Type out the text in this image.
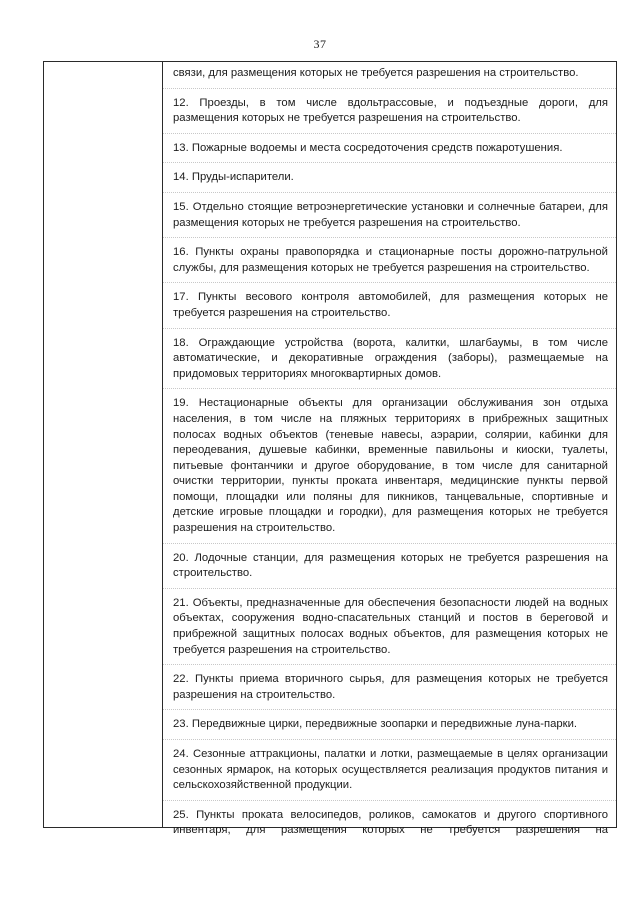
37
связи, для размещения которых не требуется разрешения на строительство.
12. Проезды, в том числе вдольтрассовые, и подъездные дороги, для размещения которых не требуется разрешения на строительство.
13. Пожарные водоемы и места сосредоточения средств пожаротушения.
14. Пруды-испарители.
15. Отдельно стоящие ветроэнергетические установки и солнечные батареи, для размещения которых не требуется разрешения на строительство.
16. Пункты охраны правопорядка и стационарные посты дорожно-патрульной службы, для размещения которых не требуется разрешения на строительство.
17. Пункты весового контроля автомобилей, для размещения которых не требуется разрешения на строительство.
18. Ограждающие устройства (ворота, калитки, шлагбаумы, в том числе автоматические, и декоративные ограждения (заборы), размещаемые на придомовых территориях многоквартирных домов.
19. Нестационарные объекты для организации обслуживания зон отдыха населения, в том числе на пляжных территориях в прибрежных защитных полосах водных объектов (теневые навесы, аэрарии, солярии, кабинки для переодевания, душевые кабинки, временные павильоны и киоски, туалеты, питьевые фонтанчики и другое оборудование, в том числе для санитарной очистки территории, пункты проката инвентаря, медицинские пункты первой помощи, площадки или поляны для пикников, танцевальные, спортивные и детские игровые площадки и городки), для размещения которых не требуется разрешения на строительство.
20. Лодочные станции, для размещения которых не требуется разрешения на строительство.
21. Объекты, предназначенные для обеспечения безопасности людей на водных объектах, сооружения водно-спасательных станций и постов в береговой и прибрежной защитных полосах водных объектов, для размещения которых не требуется разрешения на строительство.
22. Пункты приема вторичного сырья, для размещения которых не требуется разрешения на строительство.
23. Передвижные цирки, передвижные зоопарки и передвижные луна-парки.
24. Сезонные аттракционы, палатки и лотки, размещаемые в целях организации сезонных ярмарок, на которых осуществляется реализация продуктов питания и сельскохозяйственной продукции.
25. Пункты проката велосипедов, роликов, самокатов и другого спортивного инвентаря, для размещения которых не требуется разрешения на
